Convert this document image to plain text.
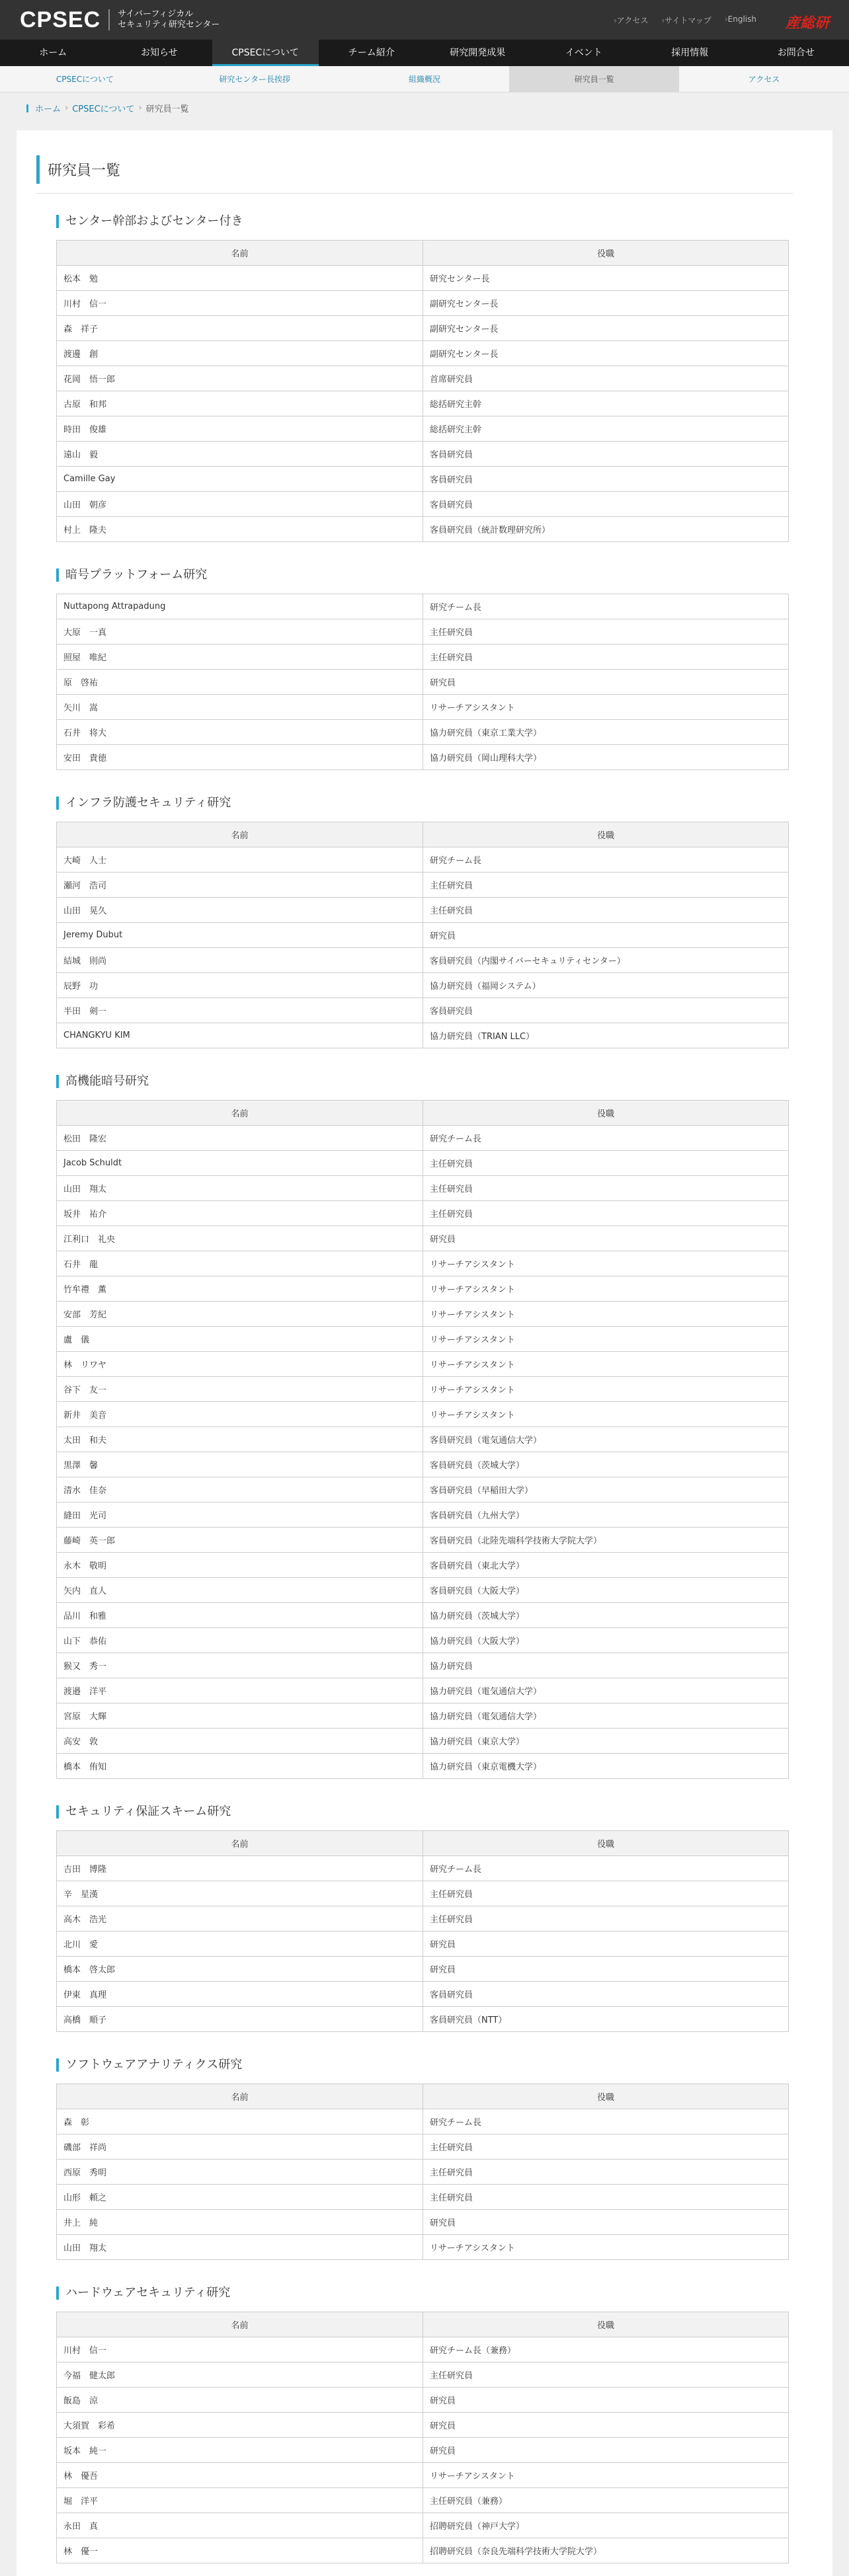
CPSEC サイバーフィジカル
セキュリティ研究センター	› アクセス	› サイトマップ	› English 産総研
ホーム	お知らせ	CPSECについて	チーム紹介	研究開発成果	イベント	採用情報	お問合せ
CPSECについて	研究センター長挨拶	組織概況	研究員一覧	アクセス
ホーム › CPSECについて › 研究員一覧
研究員一覧
センター幹部およびセンター付き
名前	役職
松本　勉	研究センター長
川村　信一	副研究センター長
森　祥子	副研究センター長
渡邊　創	副研究センター長
花岡　悟一郎	首席研究員
古原　和邦	総括研究主幹
時田　俊雄	総括研究主幹
遠山　毅	客員研究員
Camille Gay	客員研究員
山田　朝彦	客員研究員
村上　隆夫	客員研究員（統計数理研究所）
暗号プラットフォーム研究
Nuttapong Attrapadung	研究チーム長
大原　一真	主任研究員
照屋　唯紀	主任研究員
原　啓祐	研究員
矢川　嵩	リサーチアシスタント
石井　将大	協力研究員（東京工業大学）
安田　貴徳	協力研究員（岡山理科大学）
インフラ防護セキュリティ研究
名前	役職
大崎　人士	研究チーム長
瀬河　浩司	主任研究員
山田　晃久	主任研究員
Jeremy Dubut	研究員
結城　則尚	客員研究員（内閣サイバーセキュリティセンター）
辰野　功	協力研究員（福岡システム）
半田　剣一	客員研究員
CHANGKYU KIM	協力研究員（TRIAN LLC）
高機能暗号研究
名前	役職
松田　隆宏	研究チーム長
Jacob Schuldt	主任研究員
山田　翔太	主任研究員
坂井　祐介	主任研究員
江利口　礼央	研究員
石井　龍	リサーチアシスタント
竹牟禮　薫	リサーチアシスタント
安部　芳紀	リサーチアシスタント
盧　儀	リサーチアシスタント
林　リワヤ	リサーチアシスタント
谷下　友一	リサーチアシスタント
新井　美音	リサーチアシスタント
太田　和夫	客員研究員（電気通信大学）
黒澤　馨	客員研究員（茨城大学）
清水　佳奈	客員研究員（早稲田大学）
縫田　光司	客員研究員（九州大学）
藤崎　英一郎	客員研究員（北陸先端科学技術大学院大学）
永木　敬明	客員研究員（東北大学）
矢内　直人	客員研究員（大阪大学）
品川　和雅	協力研究員（茨城大学）
山下　恭佑	協力研究員（大阪大学）
猴又　秀一	協力研究員
渡邉　洋平	協力研究員（電気通信大学）
宮原　大輝	協力研究員（電気通信大学）
高安　敦	協力研究員（東京大学）
橋本　侑知	協力研究員（東京電機大学）
セキュリティ保証スキーム研究
名前	役職
吉田　博隆	研究チーム長
辛　星漢	主任研究員
高木　浩光	主任研究員
北川　愛	研究員
橋本　啓太郎	研究員
伊東　真理	客員研究員
高橋　順子	客員研究員（NTT）
ソフトウェアアナリティクス研究
名前	役職
森　彰	研究チーム長
磯部　祥尚	主任研究員
西原　秀明	主任研究員
山形　頼之	主任研究員
井上　純	研究員
山田　翔太	リサーチアシスタント
ハードウェアセキュリティ研究
名前	役職
川村　信一	研究チーム長（兼務）
今福　健太郎	主任研究員
飯島　涼	研究員
大須賀　彩希	研究員
坂本　純一	研究員
林　優吾	リサーチアシスタント
堀　洋平	主任研究員（兼務）
永田　真	招聘研究員（神戸大学）
林　優一	招聘研究員（奈良先端科学技術大学院大学）
